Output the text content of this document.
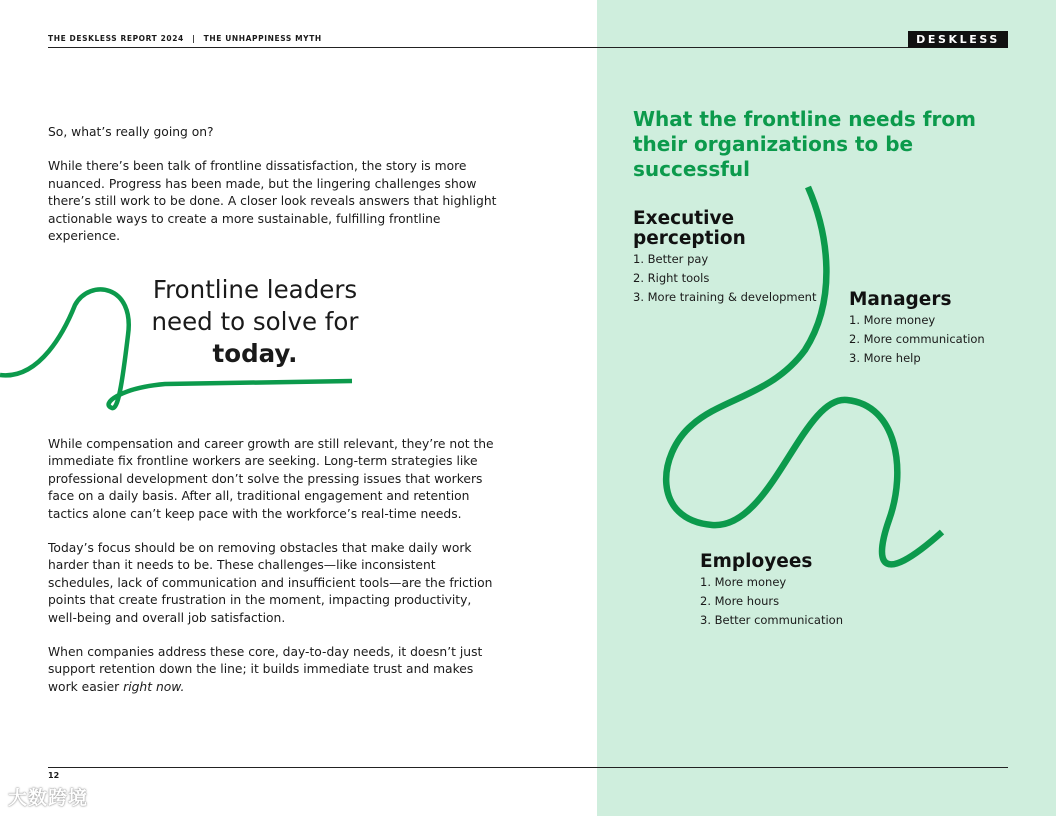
THE DESKLESS REPORT 2024 | THE UNHAPPINESS MYTH	DESKLESS

So, what’s really going on?

While there’s been talk of frontline dissatisfaction, the story is more nuanced. Progress has been made, but the lingering challenges show there’s still work to be done. A closer look reveals answers that highlight actionable ways to create a more sustainable, fulfilling frontline experience.

Frontline leaders need to solve for today.

While compensation and career growth are still relevant, they’re not the immediate fix frontline workers are seeking. Long-term strategies like professional development don’t solve the pressing issues that workers face on a daily basis. After all, traditional engagement and retention tactics alone can’t keep pace with the workforce’s real-time needs.

Today’s focus should be on removing obstacles that make daily work harder than it needs to be. These challenges—like inconsistent schedules, lack of communication and insufficient tools—are the friction points that create frustration in the moment, impacting productivity, well-being and overall job satisfaction.

When companies address these core, day-to-day needs, it doesn’t just support retention down the line; it builds immediate trust and makes work easier right now.

What the frontline needs from their organizations to be successful
Executive perception
1. Better pay
2. Right tools
3. More training & development	Managers
1. More money
2. More communication
3. More help
Employees
1. More money
2. More hours
3. Better communication
12
大数跨境
